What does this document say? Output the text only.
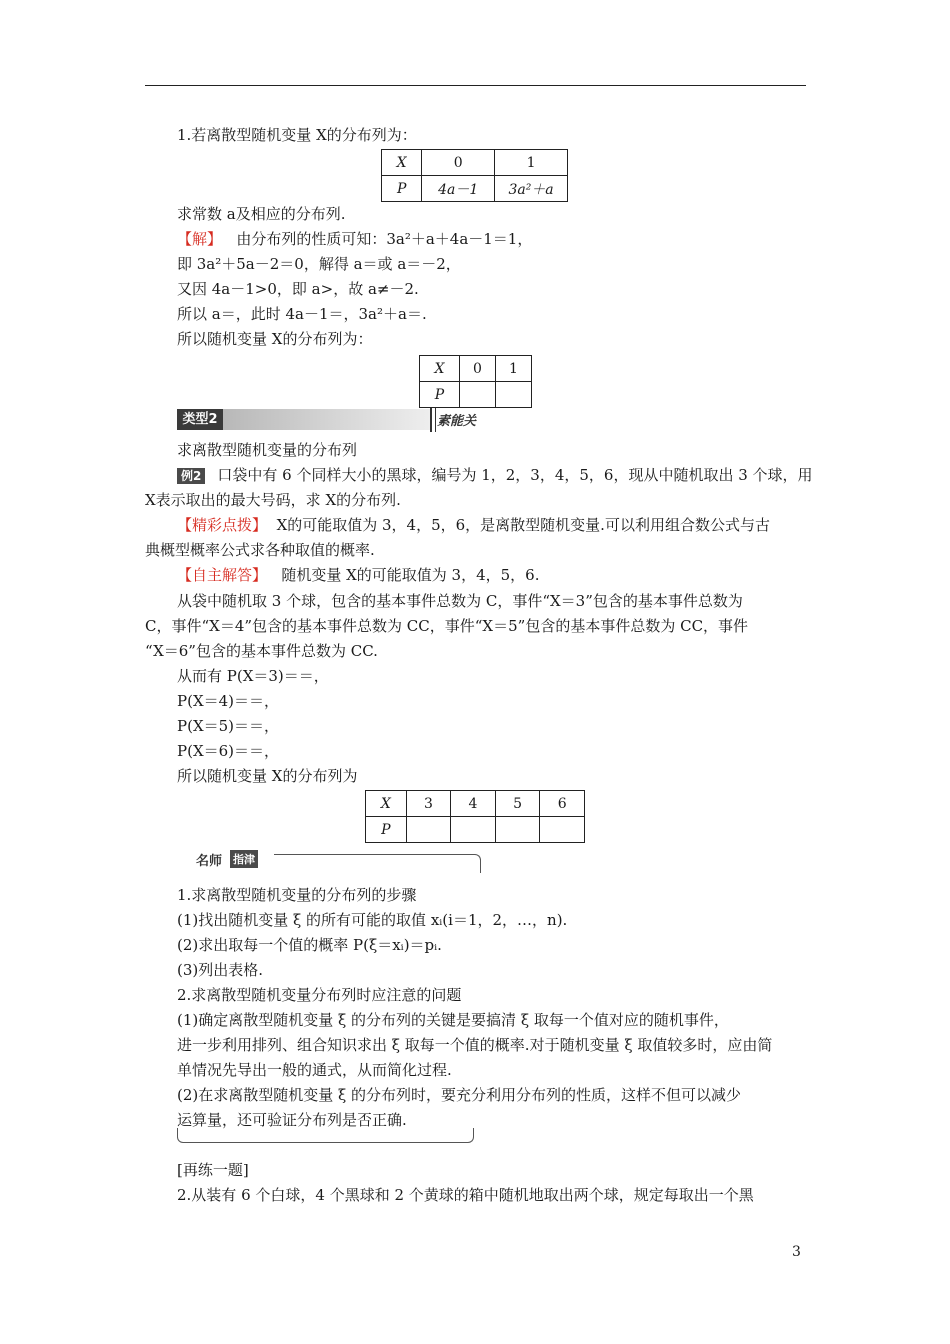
1.若离散型随机变量 X的分布列为：
X	0	1
P	4a－1	3a²＋a
求常数 a及相应的分布列.
【解】 由分布列的性质可知：3a²＋a＋4a－1＝1，
即 3a²＋5a－2＝0，解得 a＝或 a＝－2，
又因 4a－1>0，即 a>，故 a≠－2.
所以 a＝，此时 4a－1＝，3a²＋a＝.
所以随机变量 X的分布列为：
X	0	1
P		
类型2	素能关
求离散型随机变量的分布列
例2 口袋中有 6 个同样大小的黑球，编号为 1，2，3，4，5，6，现从中随机取出 3 个球，用
X表示取出的最大号码，求 X的分布列.
【精彩点拨】 X的可能取值为 3，4，5，6，是离散型随机变量.可以利用组合数公式与古
典概型概率公式求各种取值的概率.
【自主解答】 随机变量 X的可能取值为 3，4，5，6.
从袋中随机取 3 个球，包含的基本事件总数为 C，事件“X＝3”包含的基本事件总数为
C，事件“X＝4”包含的基本事件总数为 CC，事件“X＝5”包含的基本事件总数为 CC，事件
“X＝6”包含的基本事件总数为 CC.
从而有 P(X＝3)＝＝，
P(X＝4)＝＝，
P(X＝5)＝＝，
P(X＝6)＝＝，
所以随机变量 X的分布列为
X	3	4	5	6
P				
名师 指津
1.求离散型随机变量的分布列的步骤
(1)找出随机变量 ξ 的所有可能的取值 xᵢ(i＝1，2，…，n).
(2)求出取每一个值的概率 P(ξ＝xᵢ)＝pᵢ.
(3)列出表格.
2.求离散型随机变量分布列时应注意的问题
(1)确定离散型随机变量 ξ 的分布列的关键是要搞清 ξ 取每一个值对应的随机事件，
进一步利用排列、组合知识求出 ξ 取每一个值的概率.对于随机变量 ξ 取值较多时，应由简
单情况先导出一般的通式，从而简化过程.
(2)在求离散型随机变量 ξ 的分布列时，要充分利用分布列的性质，这样不但可以减少
运算量，还可验证分布列是否正确.
[再练一题]
2.从装有 6 个白球，4 个黑球和 2 个黄球的箱中随机地取出两个球，规定每取出一个黑
3
